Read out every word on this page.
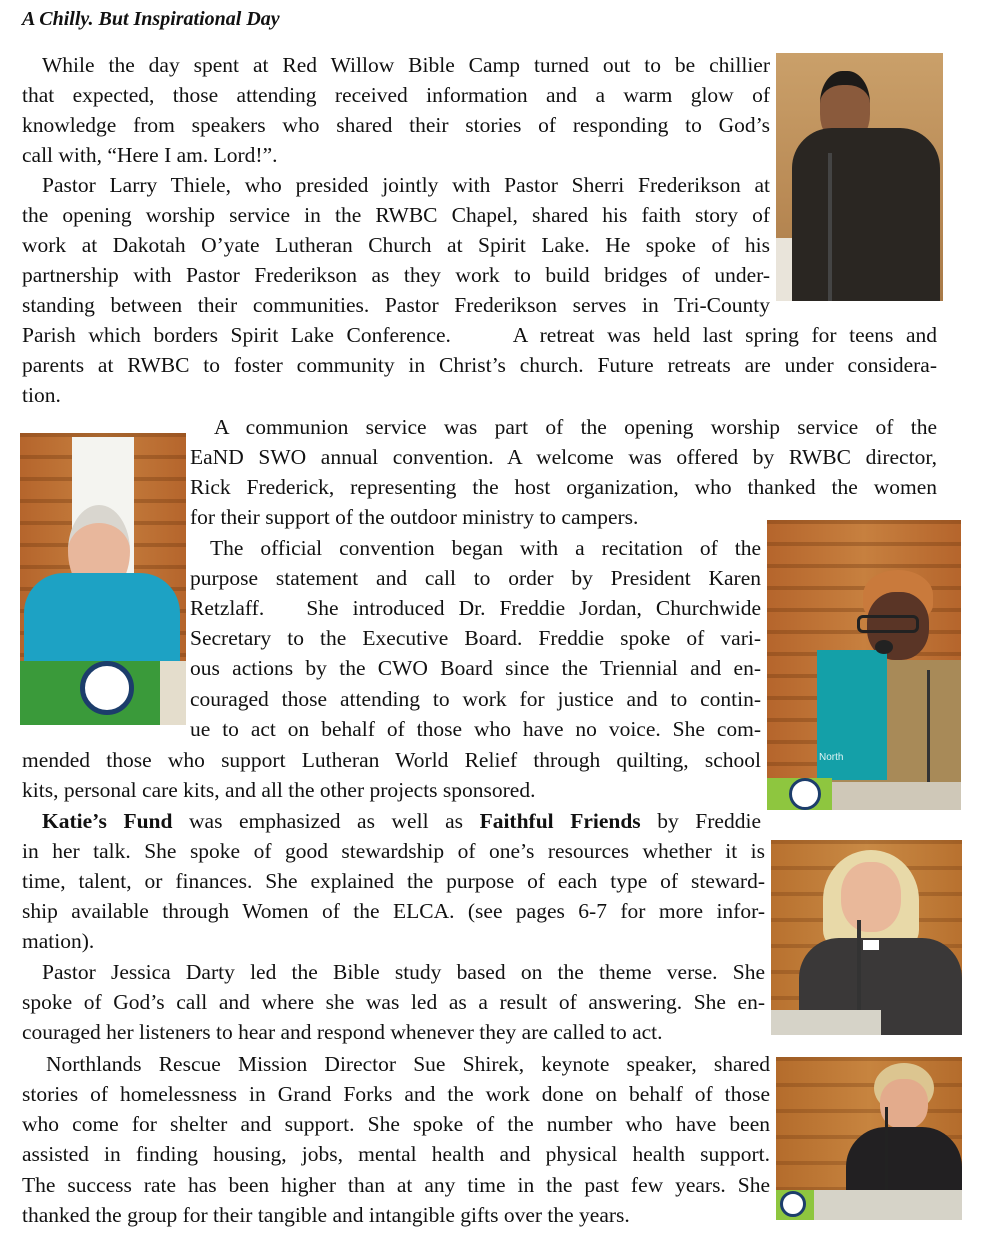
A Chilly. But Inspirational Day
While the day spent at Red Willow Bible Camp turned out to be chillier
that expected, those attending received information and a warm glow of
knowledge from speakers who shared their stories of responding to God’s
call with, “Here I am. Lord!”.
Pastor Larry Thiele, who presided jointly with Pastor Sherri Frederikson at
the opening worship service in the RWBC Chapel, shared his faith story of
work at Dakotah O’yate Lutheran Church at Spirit Lake. He spoke of his
partnership with Pastor Frederikson as they work to build bridges of under-
standing between their communities. Pastor Frederikson serves in Tri-County
Parish which borders Spirit Lake Conference.     A retreat was held last spring for teens and
parents at RWBC to foster community in Christ’s church. Future retreats are under considera-
tion.
A communion service was part of the opening worship service of the
EaND SWO annual convention. A welcome was offered by RWBC director,
Rick Frederick, representing the host organization, who thanked the women
for their support of the outdoor ministry to campers.
The official convention began with a recitation of the
purpose statement and call to order by President Karen
Retzlaff.   She introduced Dr. Freddie Jordan, Churchwide
Secretary to the Executive Board. Freddie spoke of vari-
ous actions by the CWO Board since the Triennial and en-
couraged those attending to work for justice and to contin-
ue to act on behalf of those who have no voice. She com-
mended those who support Lutheran World Relief through quilting, school
kits, personal care kits, and all the other projects sponsored.
Katie’s Fund was emphasized as well as Faithful Friends by Freddie
in her talk. She spoke of good stewardship of one’s resources whether it is
time, talent, or finances. She explained the purpose of each type of steward-
ship available through Women of the ELCA. (see pages 6-7 for more infor-
mation).
Pastor Jessica Darty led the Bible study based on the theme verse. She
spoke of God’s call and where she was led as a result of answering. She en-
couraged her listeners to hear and respond whenever they are called to act.
Northlands Rescue Mission Director Sue Shirek, keynote speaker, shared
stories of homelessness in Grand Forks and the work done on behalf of those
who come for shelter and support. She spoke of the number who have been
assisted in finding housing, jobs, mental health and physical health support.
The success rate has been higher than at any time in the past few years. She
thanked the group for their tangible and intangible gifts over the years.
North
